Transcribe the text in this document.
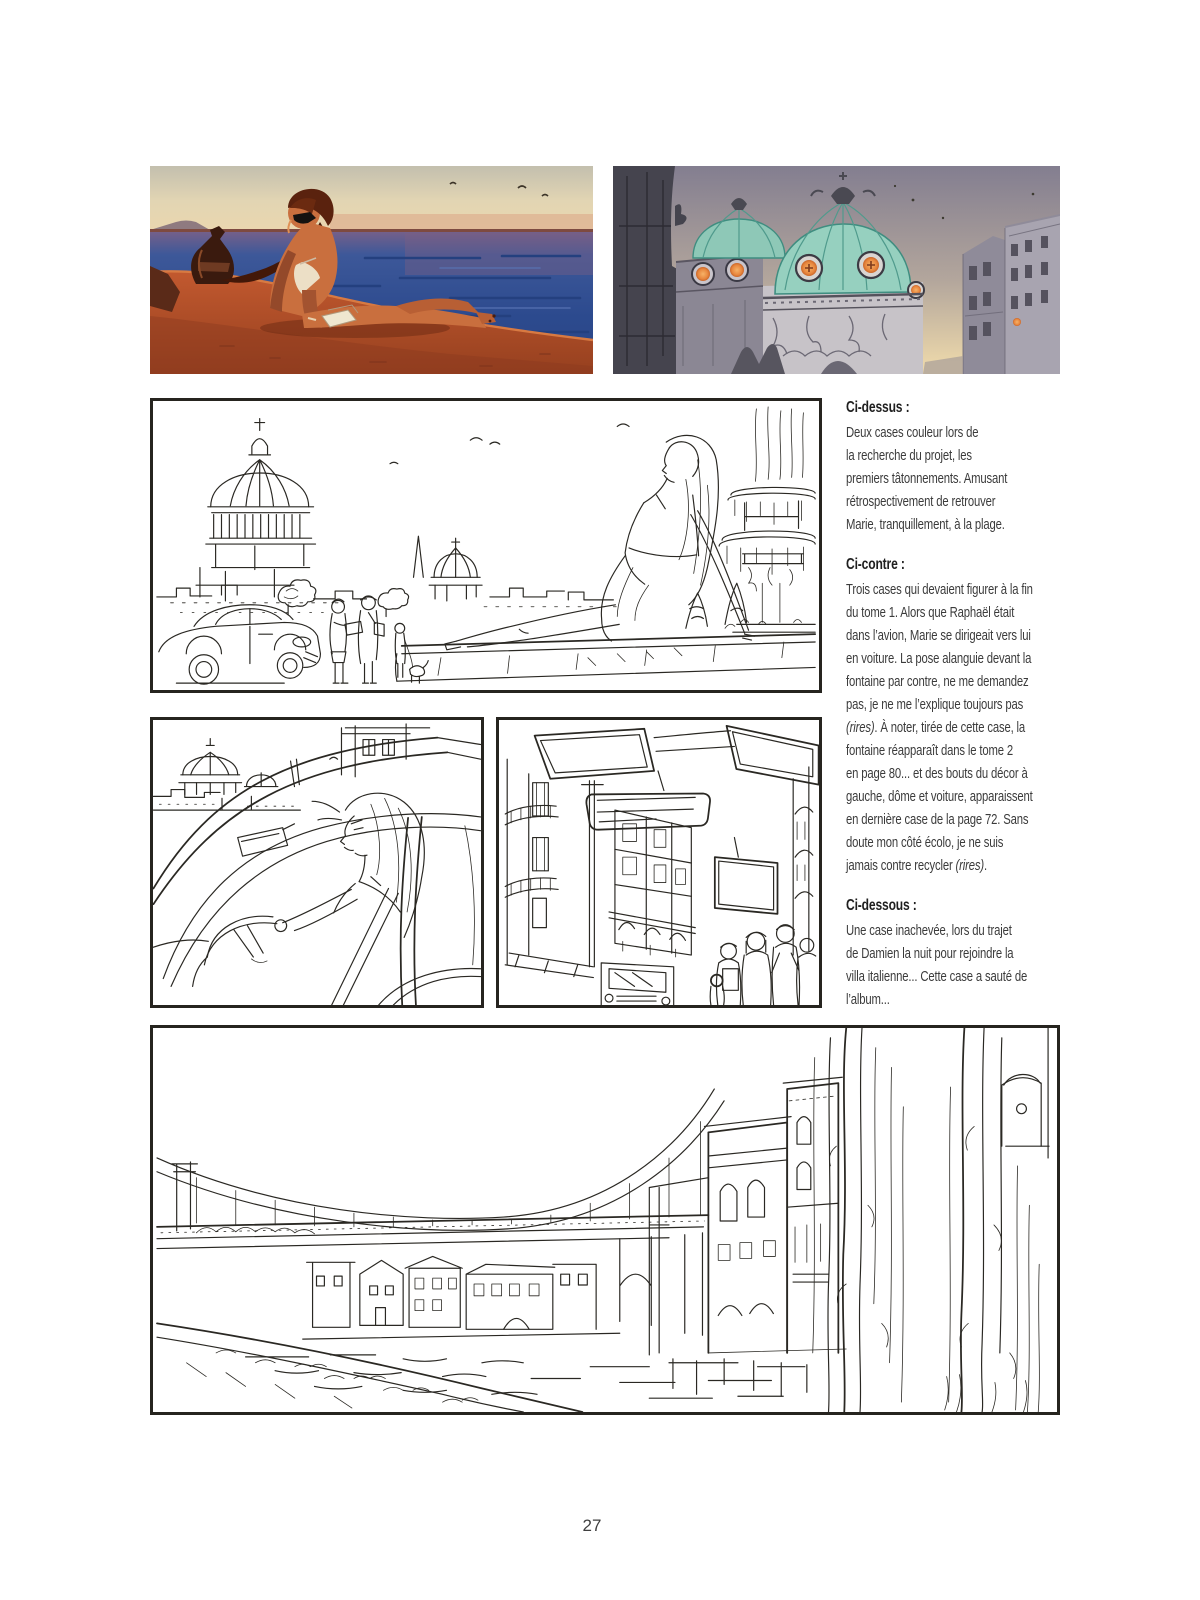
Ci-dessus :
Deux cases couleur lors de
la recherche du projet, les
premiers tâtonnements. Amusant
rétrospectivement de retrouver
Marie, tranquillement, à la plage.
Ci-contre :
Trois cases qui devaient figurer à la fin
du tome 1. Alors que Raphaël était
dans l’avion, Marie se dirigeait vers lui
en voiture. La pose alanguie devant la
fontaine par contre, ne me demandez
pas, je ne me l’explique toujours pas
(rires). À noter, tirée de cette case, la
fontaine réapparaît dans le tome 2
en page 80... et des bouts du décor à
gauche, dôme et voiture, apparaissent
en dernière case de la page 72. Sans
doute mon côté écolo, je ne suis
jamais contre recycler (rires).
Ci-dessous :
Une case inachevée, lors du trajet
de Damien la nuit pour rejoindre la
villa italienne... Cette case a sauté de
l’album...
27
